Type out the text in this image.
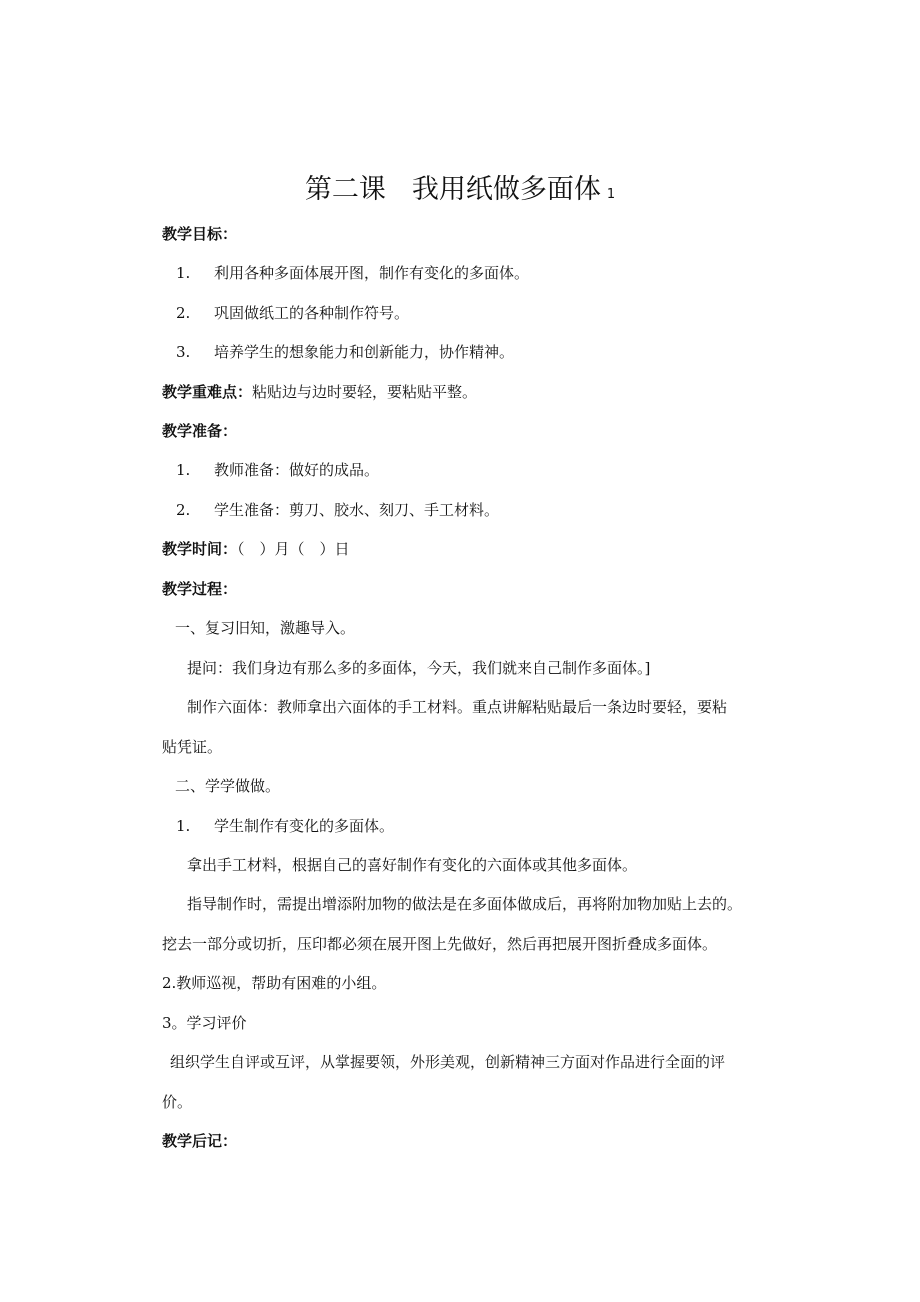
第二课 我用纸做多面体 1
教学目标：
1. 利用各种多面体展开图，制作有变化的多面体。
2. 巩固做纸工的各种制作符号。
3. 培养学生的想象能力和创新能力，协作精神。
教学重难点：粘贴边与边时要轻，要粘贴平整。
教学准备：
1. 教师准备：做好的成品。
2. 学生准备：剪刀、胶水、刻刀、手工材料。
教学时间：（　）月（　）日
教学过程：
一、复习旧知，激趣导入。
提问：我们身边有那么多的多面体，今天，我们就来自己制作多面体。]
制作六面体：教师拿出六面体的手工材料。重点讲解粘贴最后一条边时要轻，要粘
贴凭证。
二、学学做做。
1. 学生制作有变化的多面体。
拿出手工材料，根据自己的喜好制作有变化的六面体或其他多面体。
指导制作时，需提出增添附加物的做法是在多面体做成后，再将附加物加贴上去的。
挖去一部分或切折，压印都必须在展开图上先做好，然后再把展开图折叠成多面体。
2.教师巡视，帮助有困难的小组。
3。学习评价
组织学生自评或互评，从掌握要领，外形美观，创新精神三方面对作品进行全面的评
价。
教学后记：
